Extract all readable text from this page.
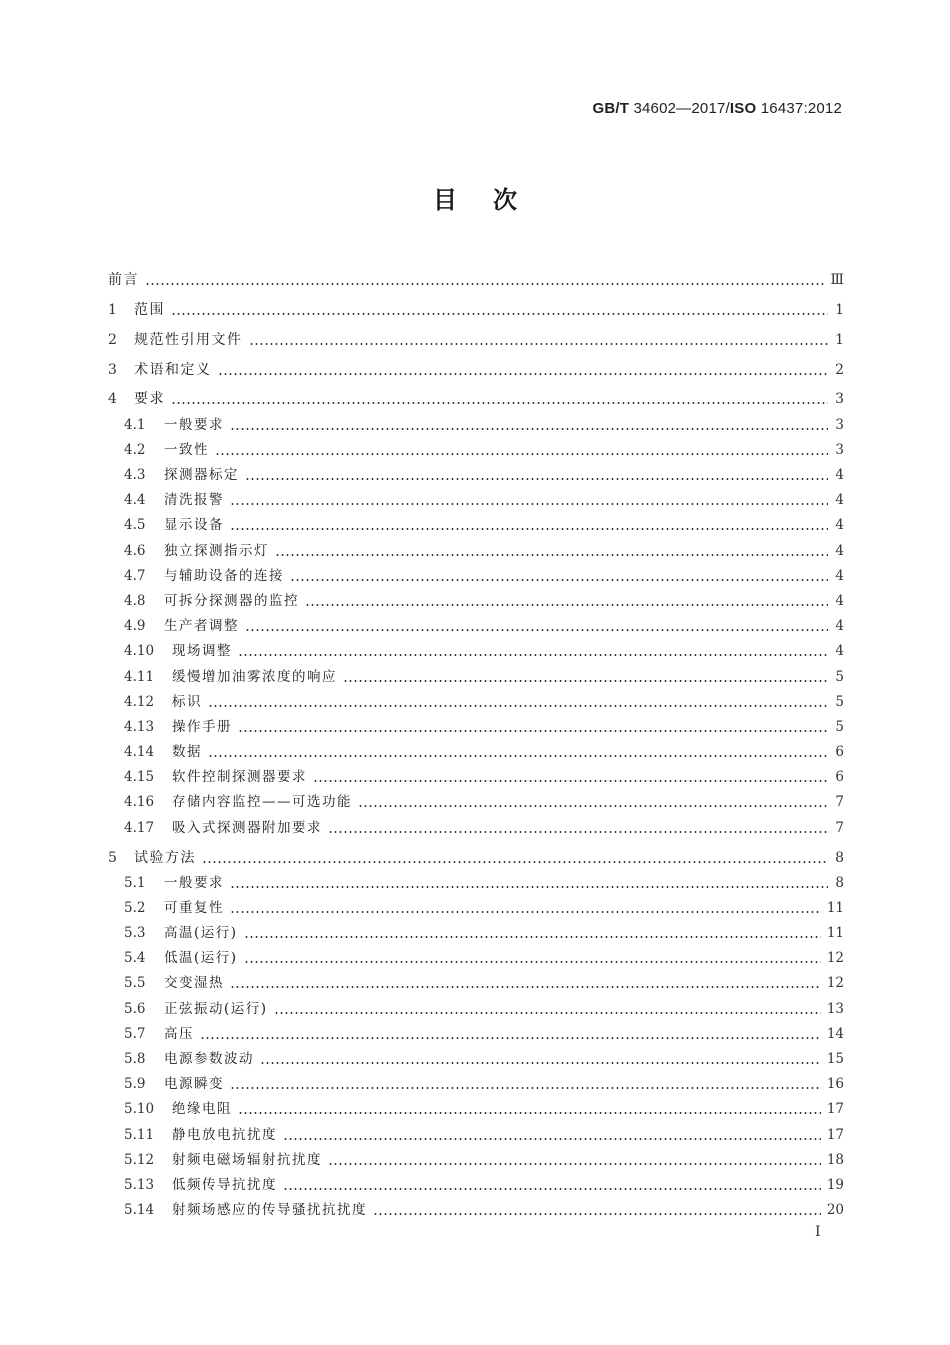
GB/T 34602—2017/ISO 16437:2012
目次
前言	Ⅲ
1	范围	1
2	规范性引用文件	1
3	术语和定义	2
4	要求	3
4.1	一般要求	3
4.2	一致性	3
4.3	探测器标定	4
4.4	清洗报警	4
4.5	显示设备	4
4.6	独立探测指示灯	4
4.7	与辅助设备的连接	4
4.8	可拆分探测器的监控	4
4.9	生产者调整	4
4.10	现场调整	4
4.11	缓慢增加油雾浓度的响应	5
4.12	标识	5
4.13	操作手册	5
4.14	数据	6
4.15	软件控制探测器要求	6
4.16	存储内容监控——可选功能	7
4.17	吸入式探测器附加要求	7
5	试验方法	8
5.1	一般要求	8
5.2	可重复性	11
5.3	高温(运行)	11
5.4	低温(运行)	12
5.5	交变湿热	12
5.6	正弦振动(运行)	13
5.7	高压	14
5.8	电源参数波动	15
5.9	电源瞬变	16
5.10	绝缘电阻	17
5.11	静电放电抗扰度	17
5.12	射频电磁场辐射抗扰度	18
5.13	低频传导抗扰度	19
5.14	射频场感应的传导骚扰抗扰度	20
I
